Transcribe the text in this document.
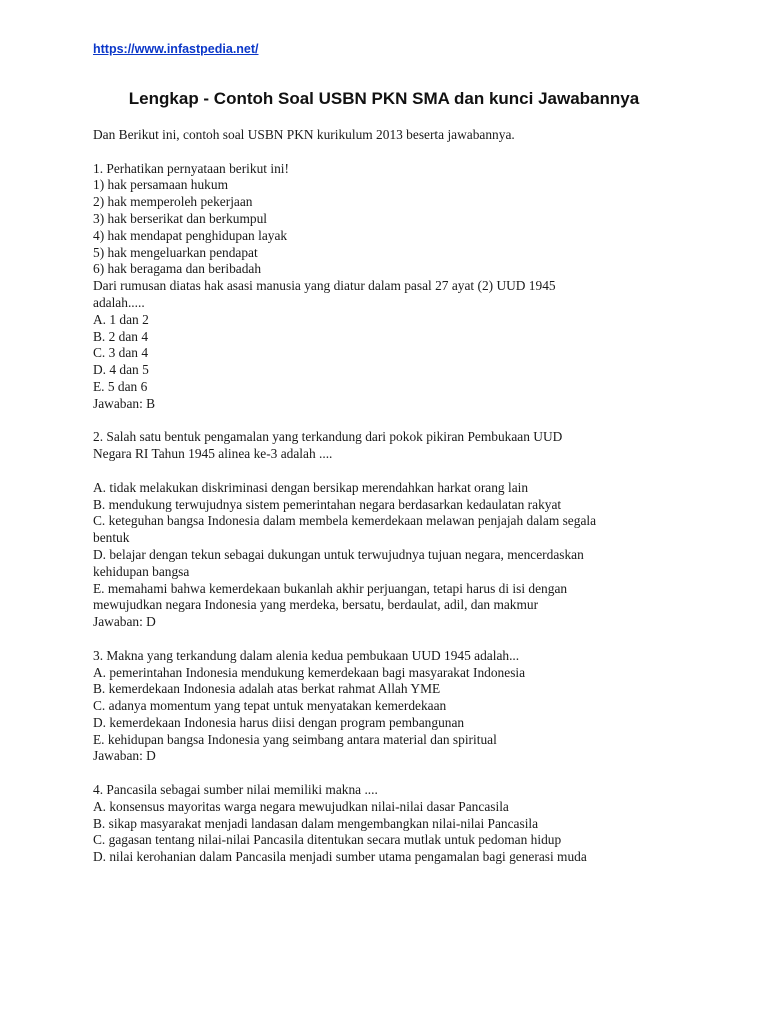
https://www.infastpedia.net/
Lengkap - Contoh Soal USBN PKN SMA dan kunci Jawabannya
Dan Berikut ini, contoh soal USBN PKN kurikulum 2013 beserta jawabannya.
1. Perhatikan pernyataan berikut ini!
1) hak persamaan hukum
2) hak memperoleh pekerjaan
3) hak berserikat dan berkumpul
4) hak mendapat penghidupan layak
5) hak mengeluarkan pendapat
6) hak beragama dan beribadah
Dari rumusan diatas hak asasi manusia yang diatur dalam pasal 27 ayat (2) UUD 1945
adalah.....
A. 1 dan 2
B. 2 dan 4
C. 3 dan 4
D. 4 dan 5
E. 5 dan 6
Jawaban: B
2. Salah satu bentuk pengamalan yang terkandung dari pokok pikiran Pembukaan UUD
Negara RI Tahun 1945 alinea ke-3 adalah ....
A. tidak melakukan diskriminasi dengan bersikap merendahkan harkat orang lain
B. mendukung terwujudnya sistem pemerintahan negara berdasarkan kedaulatan rakyat
C. keteguhan bangsa Indonesia dalam membela kemerdekaan melawan penjajah dalam segala
bentuk
D. belajar dengan tekun sebagai dukungan untuk terwujudnya tujuan negara, mencerdaskan
kehidupan bangsa
E. memahami bahwa kemerdekaan bukanlah akhir perjuangan, tetapi harus di isi dengan
mewujudkan negara Indonesia yang merdeka, bersatu, berdaulat, adil, dan makmur
Jawaban: D
3. Makna yang terkandung dalam alenia kedua pembukaan UUD 1945 adalah...
A. pemerintahan Indonesia mendukung kemerdekaan bagi masyarakat Indonesia
B. kemerdekaan Indonesia adalah atas berkat rahmat Allah YME
C. adanya momentum yang tepat untuk menyatakan kemerdekaan
D. kemerdekaan Indonesia harus diisi dengan program pembangunan
E. kehidupan bangsa Indonesia yang seimbang antara material dan spiritual
Jawaban: D
4. Pancasila sebagai sumber nilai memiliki makna ....
A. konsensus mayoritas warga negara mewujudkan nilai-nilai dasar Pancasila
B. sikap masyarakat menjadi landasan dalam mengembangkan nilai-nilai Pancasila
C. gagasan tentang nilai-nilai Pancasila ditentukan secara mutlak untuk pedoman hidup
D. nilai kerohanian dalam Pancasila menjadi sumber utama pengamalan bagi generasi muda
